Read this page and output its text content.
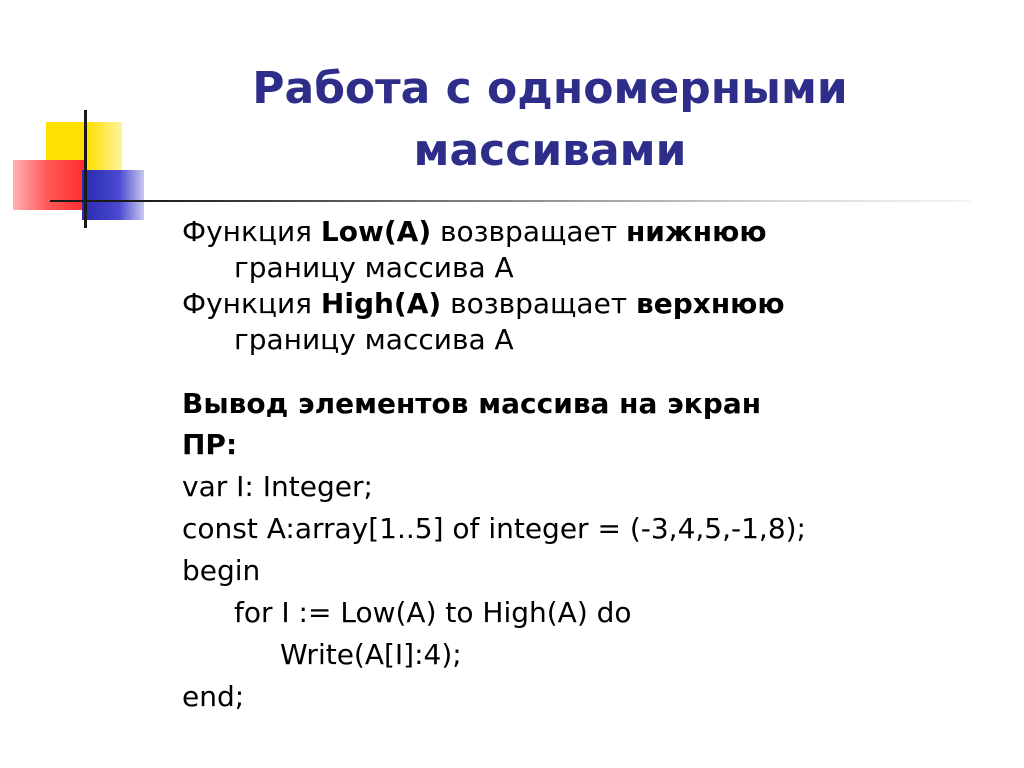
Работа с одномерными
массивами

Функция Low(A) возвращает нижнюю
границу массива А

Функция High(A) возвращает верхнюю
границу массива А

Вывод элементов массива на экран

ПР:

var I: Integer;
const A:array[1..5] of integer = (-3,4,5,-1,8);
begin
for I := Low(A) to High(A) do
Write(A[I]:4);
end;
